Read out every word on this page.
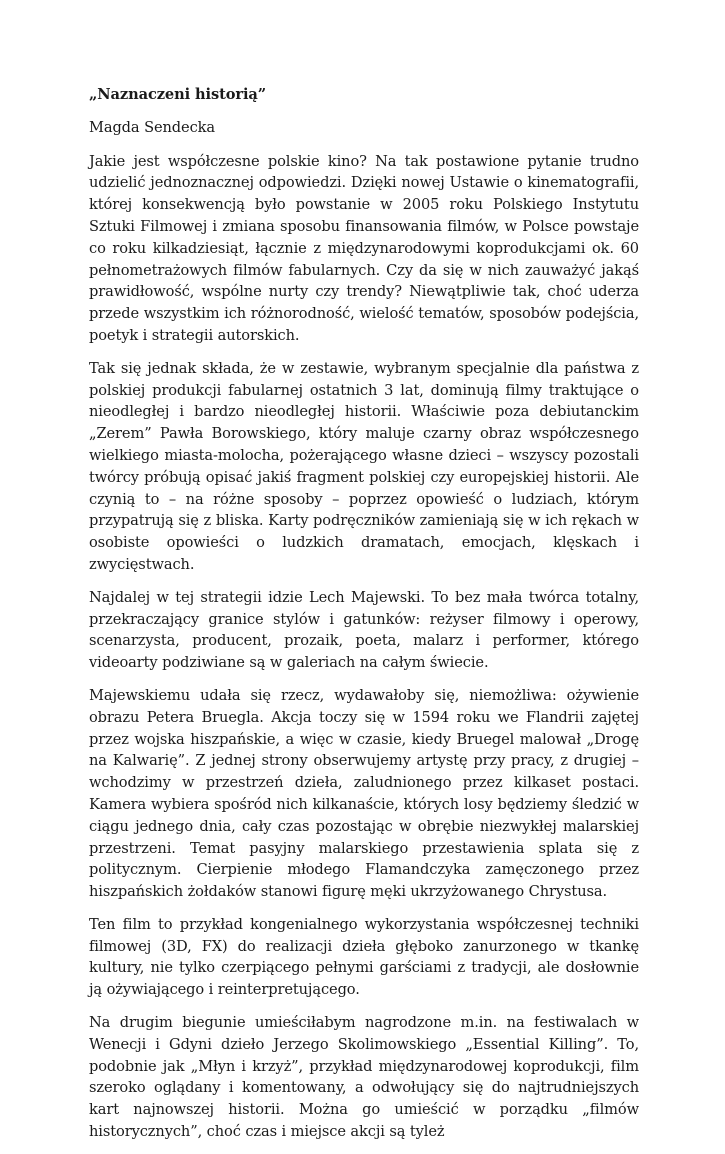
„Naznaczeni historią”

Magda Sendecka

Jakie jest współczesne polskie kino? Na tak postawione pytanie trudno udzielić jednoznacznej odpowiedzi. Dzięki nowej Ustawie o kinematografii, której konsekwencją było powstanie w 2005 roku Polskiego Instytutu Sztuki Filmowej i zmiana sposobu finansowania filmów, w Polsce powstaje co roku kilkadziesiąt, łącznie z międzynarodowymi koprodukcjami ok. 60 pełnometrażowych filmów fabularnych. Czy da się w nich zauważyć jakąś prawidłowość, wspólne nurty czy trendy? Niewątpliwie tak, choć uderza przede wszystkim ich różnorodność, wielość tematów, sposobów podejścia, poetyk i strategii autorskich.

Tak się jednak składa, że w zestawie, wybranym specjalnie dla państwa z polskiej produkcji fabularnej ostatnich 3 lat, dominują filmy traktujące o nieodległej i bardzo nieodległej historii. Właściwie poza debiutanckim „Zerem” Pawła Borowskiego, który maluje czarny obraz współczesnego wielkiego miasta-molocha, pożerającego własne dzieci – wszyscy pozostali twórcy próbują opisać jakiś fragment polskiej czy europejskiej historii. Ale czynią to – na różne sposoby – poprzez opowieść o ludziach, którym przypatrują się z bliska. Karty podręczników zamieniają się w ich rękach w osobiste opowieści o ludzkich dramatach, emocjach, klęskach i zwycięstwach.

Najdalej w tej strategii idzie Lech Majewski. To bez mała twórca totalny, przekraczający granice stylów i gatunków: reżyser filmowy i operowy, scenarzysta, producent, prozaik, poeta, malarz i performer, którego videoarty podziwiane są w galeriach na całym świecie.

Majewskiemu udała się rzecz, wydawałoby się, niemożliwa: ożywienie obrazu Petera Bruegla. Akcja toczy się w 1594 roku we Flandrii zajętej przez wojska hiszpańskie, a więc w czasie, kiedy Bruegel malował „Drogę na Kalwarię”. Z jednej strony obserwujemy artystę przy pracy, z drugiej – wchodzimy w przestrzeń dzieła, zaludnionego przez kilkaset postaci. Kamera wybiera spośród nich kilkanaście, których losy będziemy śledzić w ciągu jednego dnia, cały czas pozostając w obrębie niezwykłej malarskiej przestrzeni. Temat pasyjny malarskiego przestawienia splata się z politycznym. Cierpienie młodego Flamandczyka zamęczonego przez hiszpańskich żołdaków stanowi figurę męki ukrzyżowanego Chrystusa.

Ten film to przykład kongenialnego wykorzystania współczesnej techniki filmowej (3D, FX) do realizacji dzieła głęboko zanurzonego w tkankę kultury, nie tylko czerpiącego pełnymi garściami z tradycji, ale dosłownie ją ożywiającego i reinterpretującego.

Na drugim biegunie umieściłabym nagrodzone m.in. na festiwalach w Wenecji i Gdyni dzieło Jerzego Skolimowskiego „Essential Killing”. To, podobnie jak „Młyn i krzyż”, przykład międzynarodowej koprodukcji, film szeroko oglądany i komentowany, a odwołujący się do najtrudniejszych kart najnowszej historii. Można go umieścić w porządku „filmów historycznych”, choć czas i miejsce akcji są tyleż
